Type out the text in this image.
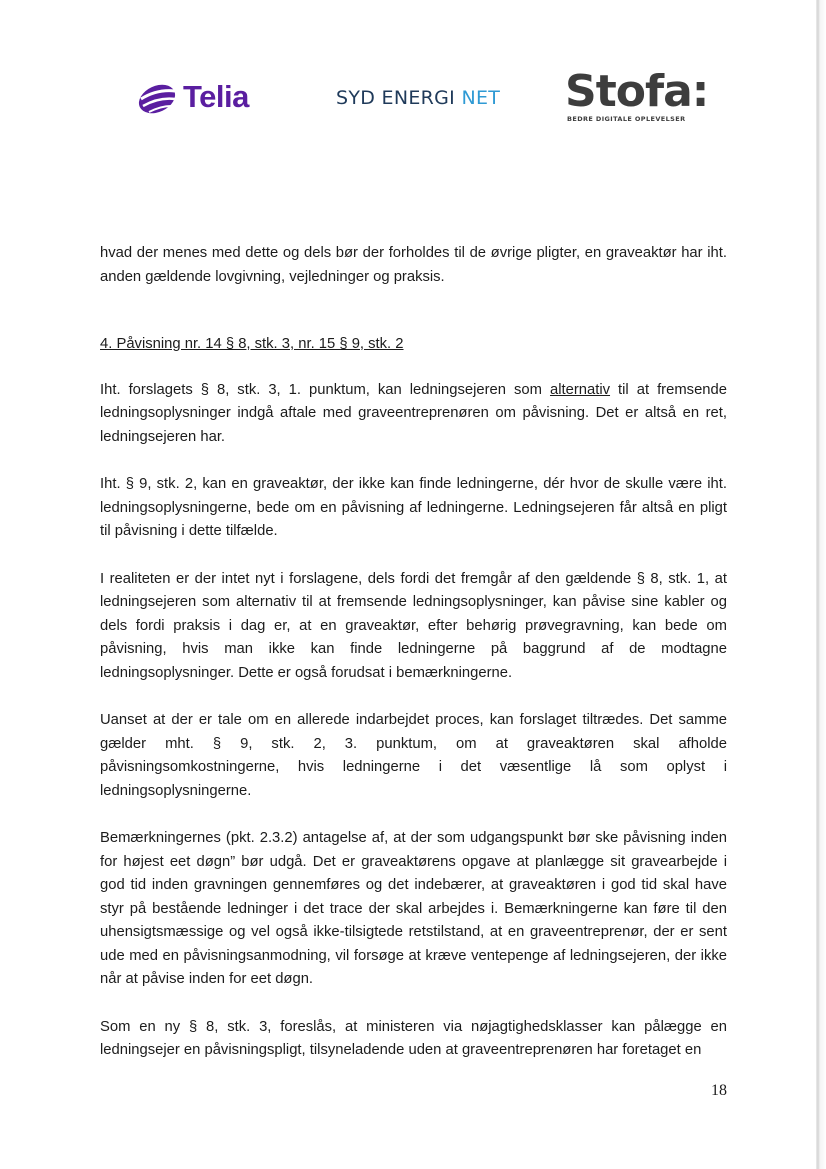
Telia	SYD ENERGI NET Stofa:
BEDRE DIGITALE OPLEVELSER

hvad der menes med dette og dels bør der forholdes til de øvrige pligter, en graveaktør har iht. anden gældende lovgivning, vejledninger og praksis.

4. Påvisning nr. 14 § 8, stk. 3, nr. 15 § 9, stk. 2

Iht. forslagets § 8, stk. 3, 1. punktum, kan ledningsejeren som alternativ til at fremsende ledningsoplysninger indgå aftale med graveentreprenøren om påvisning. Det er altså en ret, ledningsejeren har.

Iht. § 9, stk. 2, kan en graveaktør, der ikke kan finde ledningerne, dér hvor de skulle være iht. ledningsoplysningerne, bede om en påvisning af ledningerne. Ledningsejeren får altså en pligt til påvisning i dette tilfælde.

I realiteten er der intet nyt i forslagene, dels fordi det fremgår af den gældende § 8, stk. 1, at ledningsejeren som alternativ til at fremsende ledningsoplysninger, kan påvise sine kabler og dels fordi praksis i dag er, at en graveaktør, efter behørig prøvegravning, kan bede om påvisning, hvis man ikke kan finde ledningerne på baggrund af de modtagne ledningsoplysninger. Dette er også forudsat i bemærkningerne.

Uanset at der er tale om en allerede indarbejdet proces, kan forslaget tiltrædes. Det samme gælder mht. § 9, stk. 2, 3. punktum, om at graveaktøren skal afholde påvisningsomkostningerne, hvis ledningerne i det væsentlige lå som oplyst i ledningsoplysningerne.

Bemærkningernes (pkt. 2.3.2) antagelse af, at der som udgangspunkt bør ske påvisning inden for højest eet døgn” bør udgå. Det er graveaktørens opgave at planlægge sit gravearbejde i god tid inden gravningen gennemføres og det indebærer, at graveaktøren i god tid skal have styr på bestående ledninger i det trace der skal arbejdes i. Bemærkningerne kan føre til den uhensigtsmæssige og vel også ikke-tilsigtede retstilstand, at en graveentreprenør, der er sent ude med en påvisningsanmodning, vil forsøge at kræve ventepenge af ledningsejeren, der ikke når at påvise inden for eet døgn.

Som en ny § 8, stk. 3, foreslås, at ministeren via nøjagtighedsklasser kan pålægge en ledningsejer en påvisningspligt, tilsyneladende uden at graveentreprenøren har foretaget en

18
